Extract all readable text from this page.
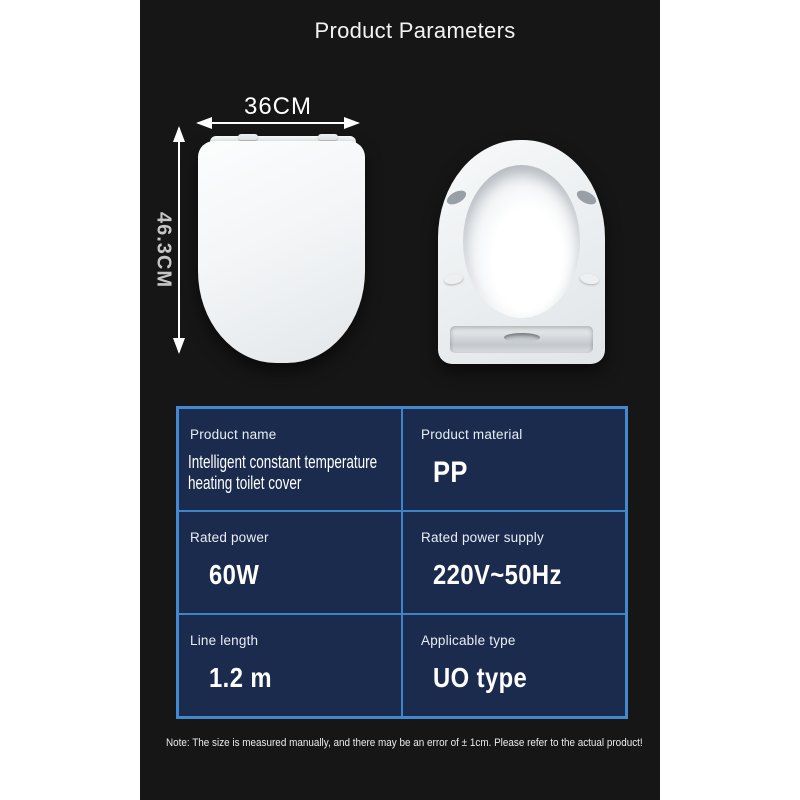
Product Parameters
36CM
46.3CM
Product name
Intelligent constant temperature heating toilet cover
Product material
PP
Rated power
60W
Rated power supply
220V~50Hz
Line length
1.2 m
Applicable type
UO type
Note: The size is measured manually, and there may be an error of ± 1cm. Please refer to the actual product!
